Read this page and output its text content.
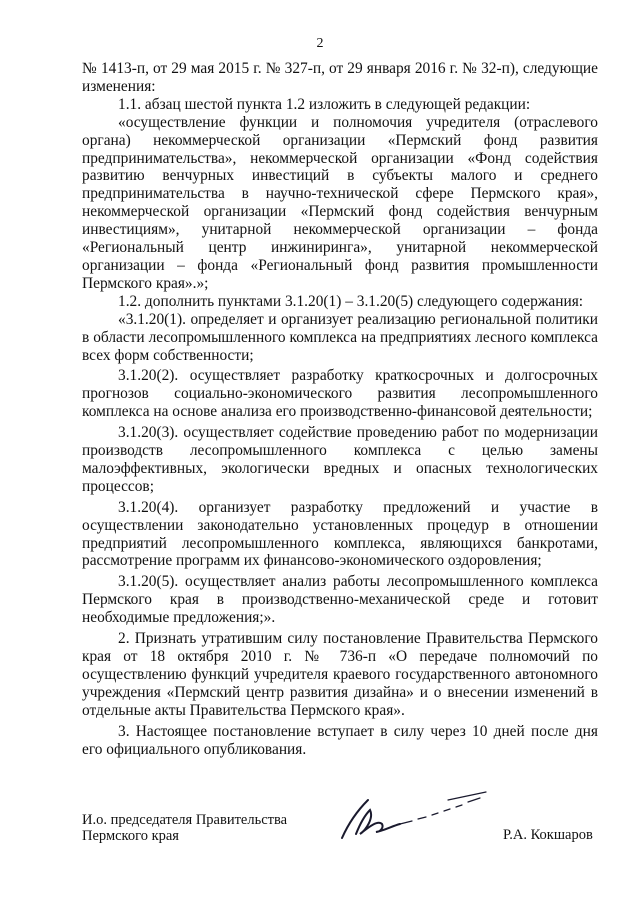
2

№ 1413-п, от 29 мая 2015 г. № 327-п, от 29 января 2016 г. № 32-п), следующие изменения:

1.1. абзац шестой пункта 1.2 изложить в следующей редакции:

«осуществление функции и полномочия учредителя (отраслевого органа) некоммерческой организации «Пермский фонд развития предпринимательства», некоммерческой организации «Фонд содействия развитию венчурных инвестиций в субъекты малого и среднего предпринимательства в научно-технической сфере Пермского края», некоммерческой организации «Пермский фонд содействия венчурным инвестициям», унитарной некоммерческой организации – фонда «Региональный центр инжиниринга», унитарной некоммерческой организации – фонда «Региональный фонд развития промышленности Пермского края».»;

1.2. дополнить пунктами 3.1.20(1) – 3.1.20(5) следующего содержания:

«3.1.20(1). определяет и организует реализацию региональной политики в области лесопромышленного комплекса на предприятиях лесного комплекса всех форм собственности;

3.1.20(2). осуществляет разработку краткосрочных и долгосрочных прогнозов социально-экономического развития лесопромышленного комплекса на основе анализа его производственно-финансовой деятельности;

3.1.20(3). осуществляет содействие проведению работ по модернизации производств лесопромышленного комплекса с целью замены малоэффективных, экологически вредных и опасных технологических процессов;

3.1.20(4). организует разработку предложений и участие в осуществлении законодательно установленных процедур в отношении предприятий лесопромышленного комплекса, являющихся банкротами, рассмотрение программ их финансово-экономического оздоровления;

3.1.20(5). осуществляет анализ работы лесопромышленного комплекса Пермского края в производственно-механической среде и готовит необходимые предложения;».

2. Признать утратившим силу постановление Правительства Пермского края от 18 октября 2010 г. № 736-п «О передаче полномочий по осуществлению функций учредителя краевого государственного автономного учреждения «Пермский центр развития дизайна» и о внесении изменений в отдельные акты Правительства Пермского края».

3. Настоящее постановление вступает в силу через 10 дней после дня его официального опубликования.

И.о. председателя Правительства
Пермского края	Р.А. Кокшаров
